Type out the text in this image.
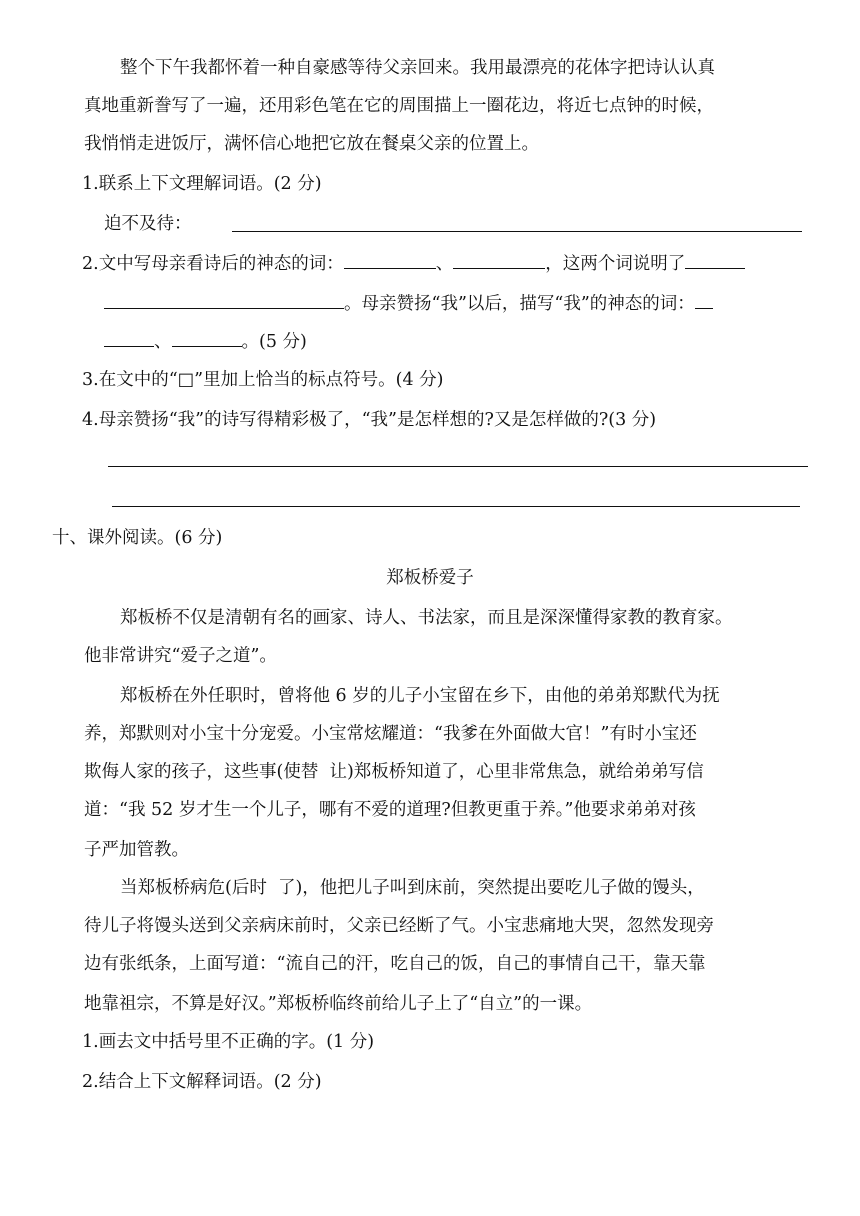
整个下午我都怀着一种自豪感等待父亲回来。我用最漂亮的花体字把诗认认真
真地重新誊写了一遍，还用彩色笔在它的周围描上一圈花边，将近七点钟的时候，
我悄悄走进饭厅，满怀信心地把它放在餐桌父亲的位置上。
1.联系上下文理解词语。(2 分)
迫不及待：
2.文中写母亲看诗后的神态的词：	、	，这两个词说明了
。母亲赞扬“我”以后，描写“我”的神态的词：
、	。(5 分)
3.在文中的“□”里加上恰当的标点符号。(4 分)
4.母亲赞扬“我”的诗写得精彩极了，“我”是怎样想的?又是怎样做的?(3 分)
十、课外阅读。(6 分)
郑板桥爱子
郑板桥不仅是清朝有名的画家、诗人、书法家，而且是深深懂得家教的教育家。
他非常讲究“爱子之道”。
郑板桥在外任职时，曾将他 6 岁的儿子小宝留在乡下，由他的弟弟郑默代为抚
养，郑默则对小宝十分宠爱。小宝常炫耀道：“我爹在外面做大官！”有时小宝还
欺侮人家的孩子，这些事(使替  让)郑板桥知道了，心里非常焦急，就给弟弟写信
道：“我 52 岁才生一个儿子，哪有不爱的道理?但教更重于养。”他要求弟弟对孩
子严加管教。
当郑板桥病危(后时  了)，他把儿子叫到床前，突然提出要吃儿子做的馒头，
待儿子将馒头送到父亲病床前时，父亲已经断了气。小宝悲痛地大哭，忽然发现旁
边有张纸条，上面写道：“流自己的汗，吃自己的饭，自己的事情自己干，靠天靠
地靠祖宗，不算是好汉。”郑板桥临终前给儿子上了“自立”的一课。
1.画去文中括号里不正确的字。(1 分)
2.结合上下文解释词语。(2 分)
